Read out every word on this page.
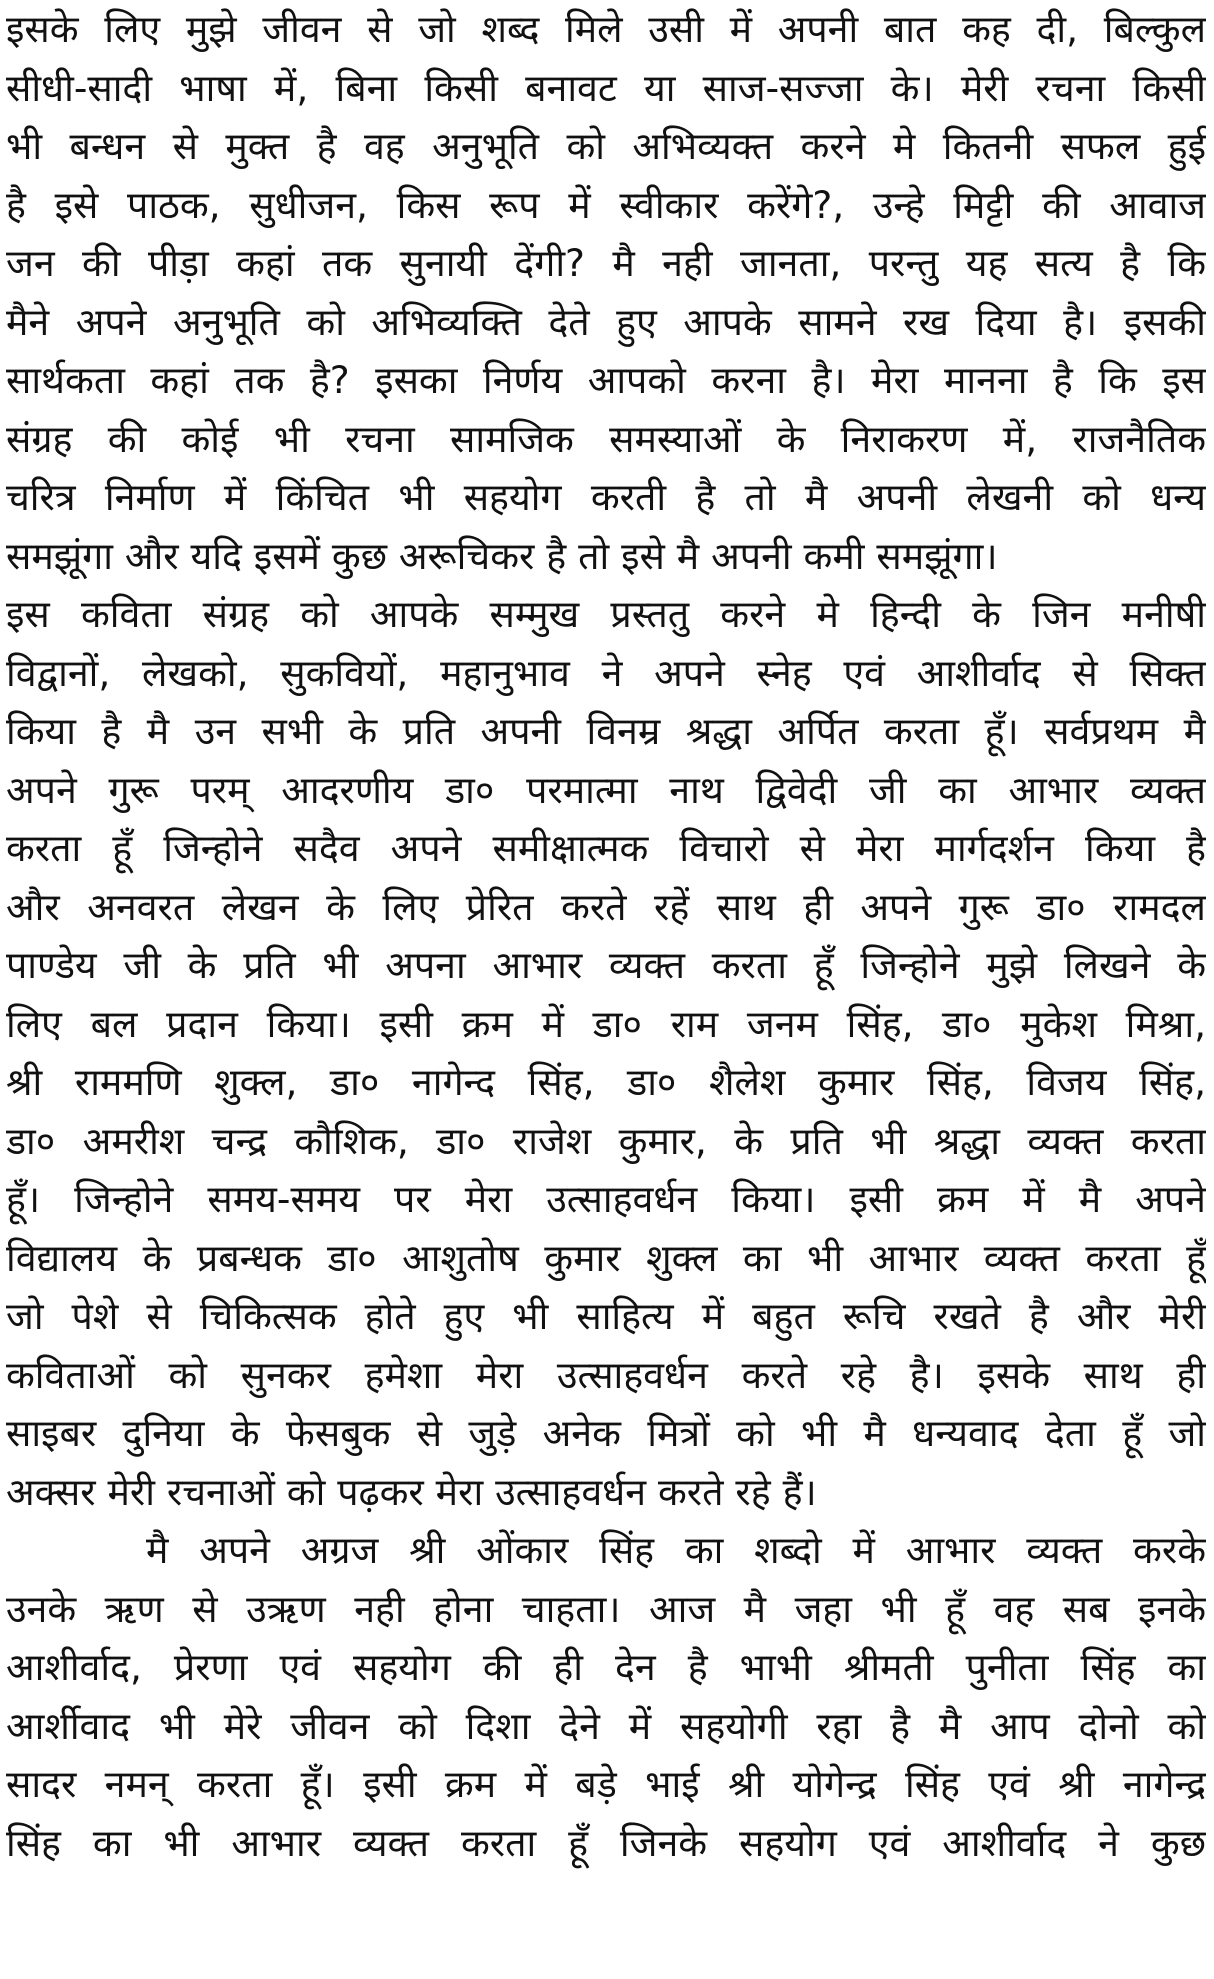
इसके लिए मुझे जीवन से जो शब्द मिले उसी में अपनी बात कह दी, बिल्कुल
सीधी-सादी भाषा में, बिना किसी बनावट या साज-सज्जा के। मेरी रचना किसी
भी बन्धन से मुक्त है वह अनुभूति को अभिव्यक्त करने मे कितनी सफल हुई
है इसे पाठक, सुधीजन, किस रूप में स्वीकार करेंगे?, उन्हे मिट्टी की आवाज
जन की पीड़ा कहां तक सुनायी देंगी? मै नही जानता, परन्तु यह सत्य है कि
मैने अपने अनुभूति को अभिव्यक्ति देते हुए आपके सामने रख दिया है। इसकी
सार्थकता कहां तक है? इसका निर्णय आपको करना है। मेरा मानना है कि इस
संग्रह की कोई भी रचना सामजिक समस्याओं के निराकरण में, राजनैतिक
चरित्र निर्माण में किंचित भी सहयोग करती है तो मै अपनी लेखनी को धन्य
समझूंगा और यदि इसमें कुछ अरूचिकर है तो इसे मै अपनी कमी समझूंगा।
इस कविता संग्रह को आपके सम्मुख प्रस्ततु करने मे हिन्दी के जिन मनीषी
विद्वानों, लेखको, सुकवियों, महानुभाव ने अपने स्नेह एवं आशीर्वाद से सिक्त
किया है मै उन सभी के प्रति अपनी विनम्र श्रद्धा अर्पित करता हूँ। सर्वप्रथम मै
अपने गुरू परम् आदरणीय डा० परमात्मा नाथ द्विवेदी जी का आभार व्यक्त
करता हूँ जिन्होने सदैव अपने समीक्षात्मक विचारो से मेरा मार्गदर्शन किया है
और अनवरत लेखन के लिए प्रेरित करते रहें साथ ही अपने गुरू डा० रामदल
पाण्डेय जी के प्रति भी अपना आभार व्यक्त करता हूँ जिन्होने मुझे लिखने के
लिए बल प्रदान किया। इसी क्रम में डा० राम जनम सिंह, डा० मुकेश मिश्रा,
श्री राममणि शुक्ल, डा० नागेन्द सिंह, डा० शैलेश कुमार सिंह, विजय सिंह,
डा० अमरीश चन्द्र कौशिक, डा० राजेश कुमार, के प्रति भी श्रद्धा व्यक्त करता
हूँ। जिन्होने समय-समय पर मेरा उत्साहवर्धन किया। इसी क्रम में मै अपने
विद्यालय के प्रबन्धक डा० आशुतोष कुमार शुक्ल का भी आभार व्यक्त करता हूँ
जो पेशे से चिकित्सक होते हुए भी साहित्य में बहुत रूचि रखते है और मेरी
कविताओं को सुनकर हमेशा मेरा उत्साहवर्धन करते रहे है। इसके साथ ही
साइबर दुनिया के फेसबुक से जुड़े अनेक मित्रों को भी मै धन्यवाद देता हूँ जो
अक्सर मेरी रचनाओं को पढ़कर मेरा उत्साहवर्धन करते रहे हैं।
मै अपने अग्रज श्री ओंकार सिंह का शब्दो में आभार व्यक्त करके
उनके ऋण से उऋण नही होना चाहता। आज मै जहा भी हूँ वह सब इनके
आशीर्वाद, प्रेरणा एवं सहयोग की ही देन है भाभी श्रीमती पुनीता सिंह का
आर्शीवाद भी मेरे जीवन को दिशा देने में सहयोगी रहा है मै आप दोनो को
सादर नमन् करता हूँ। इसी क्रम में बड़े भाई श्री योगेन्द्र सिंह एवं श्री नागेन्द्र
सिंह का भी आभार व्यक्त करता हूँ जिनके सहयोग एवं आशीर्वाद ने कुछ
